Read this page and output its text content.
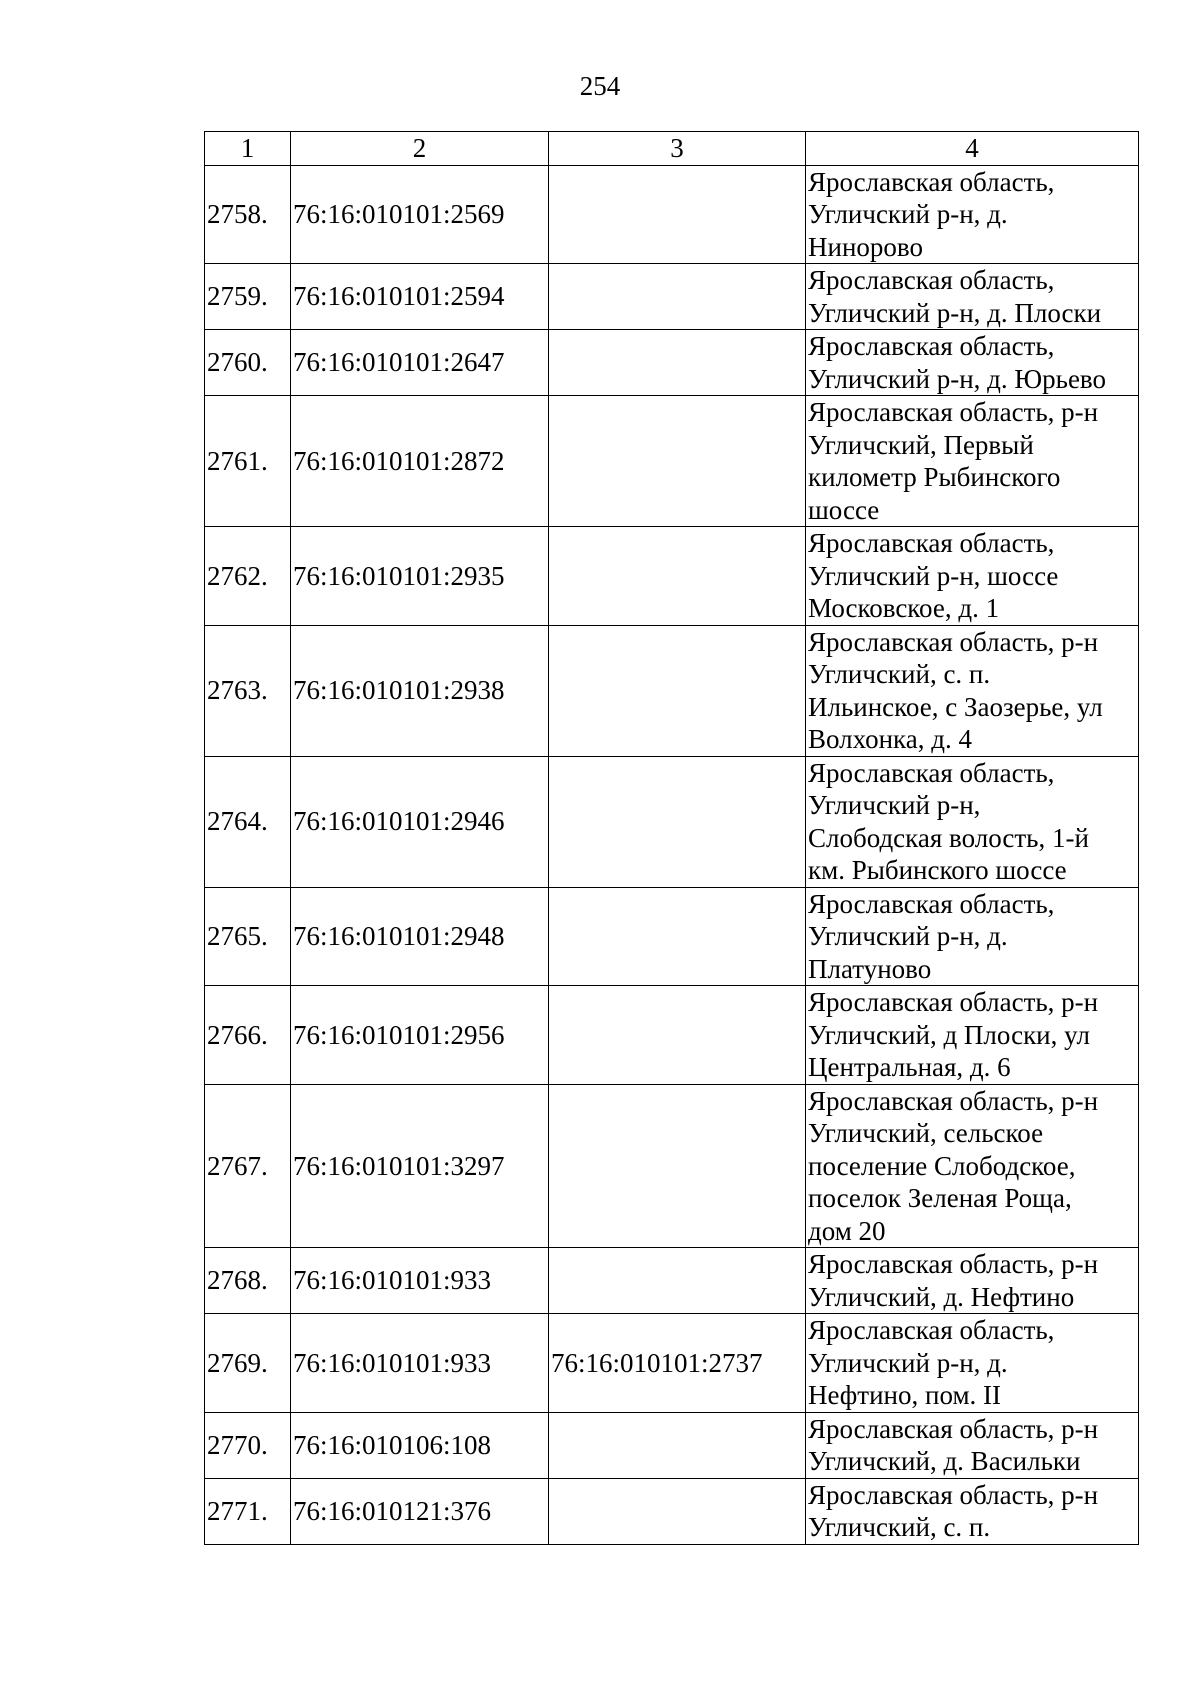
254
1	2	3	4
2758.	76:16:010101:2569		Ярославская область,
Угличский р-н, д.
Нинорово
2759.	76:16:010101:2594		Ярославская область,
Угличский р-н, д. Плоски
2760.	76:16:010101:2647		Ярославская область,
Угличский р-н, д. Юрьево
2761.	76:16:010101:2872		Ярославская область, р-н
Угличский, Первый
километр Рыбинского
шоссе
2762.	76:16:010101:2935		Ярославская область,
Угличский р-н, шоссе
Московское, д. 1
2763.	76:16:010101:2938		Ярославская область, р-н
Угличский, с. п.
Ильинское, с Заозерье, ул
Волхонка, д. 4
2764.	76:16:010101:2946		Ярославская область,
Угличский р-н,
Слободская волость, 1-й
км. Рыбинского шоссе
2765.	76:16:010101:2948		Ярославская область,
Угличский р-н, д.
Платуново
2766.	76:16:010101:2956		Ярославская область, р-н
Угличский, д Плоски, ул
Центральная, д. 6
2767.	76:16:010101:3297		Ярославская область, р-н
Угличский, сельское
поселение Слободское,
поселок Зеленая Роща,
дом 20
2768.	76:16:010101:933		Ярославская область, р-н
Угличский, д. Нефтино
2769.	76:16:010101:933	76:16:010101:2737	Ярославская область,
Угличский р-н, д.
Нефтино, пом. II
2770.	76:16:010106:108		Ярославская область, р-н
Угличский, д. Васильки
2771.	76:16:010121:376		Ярославская область, р-н
Угличский, с. п.
